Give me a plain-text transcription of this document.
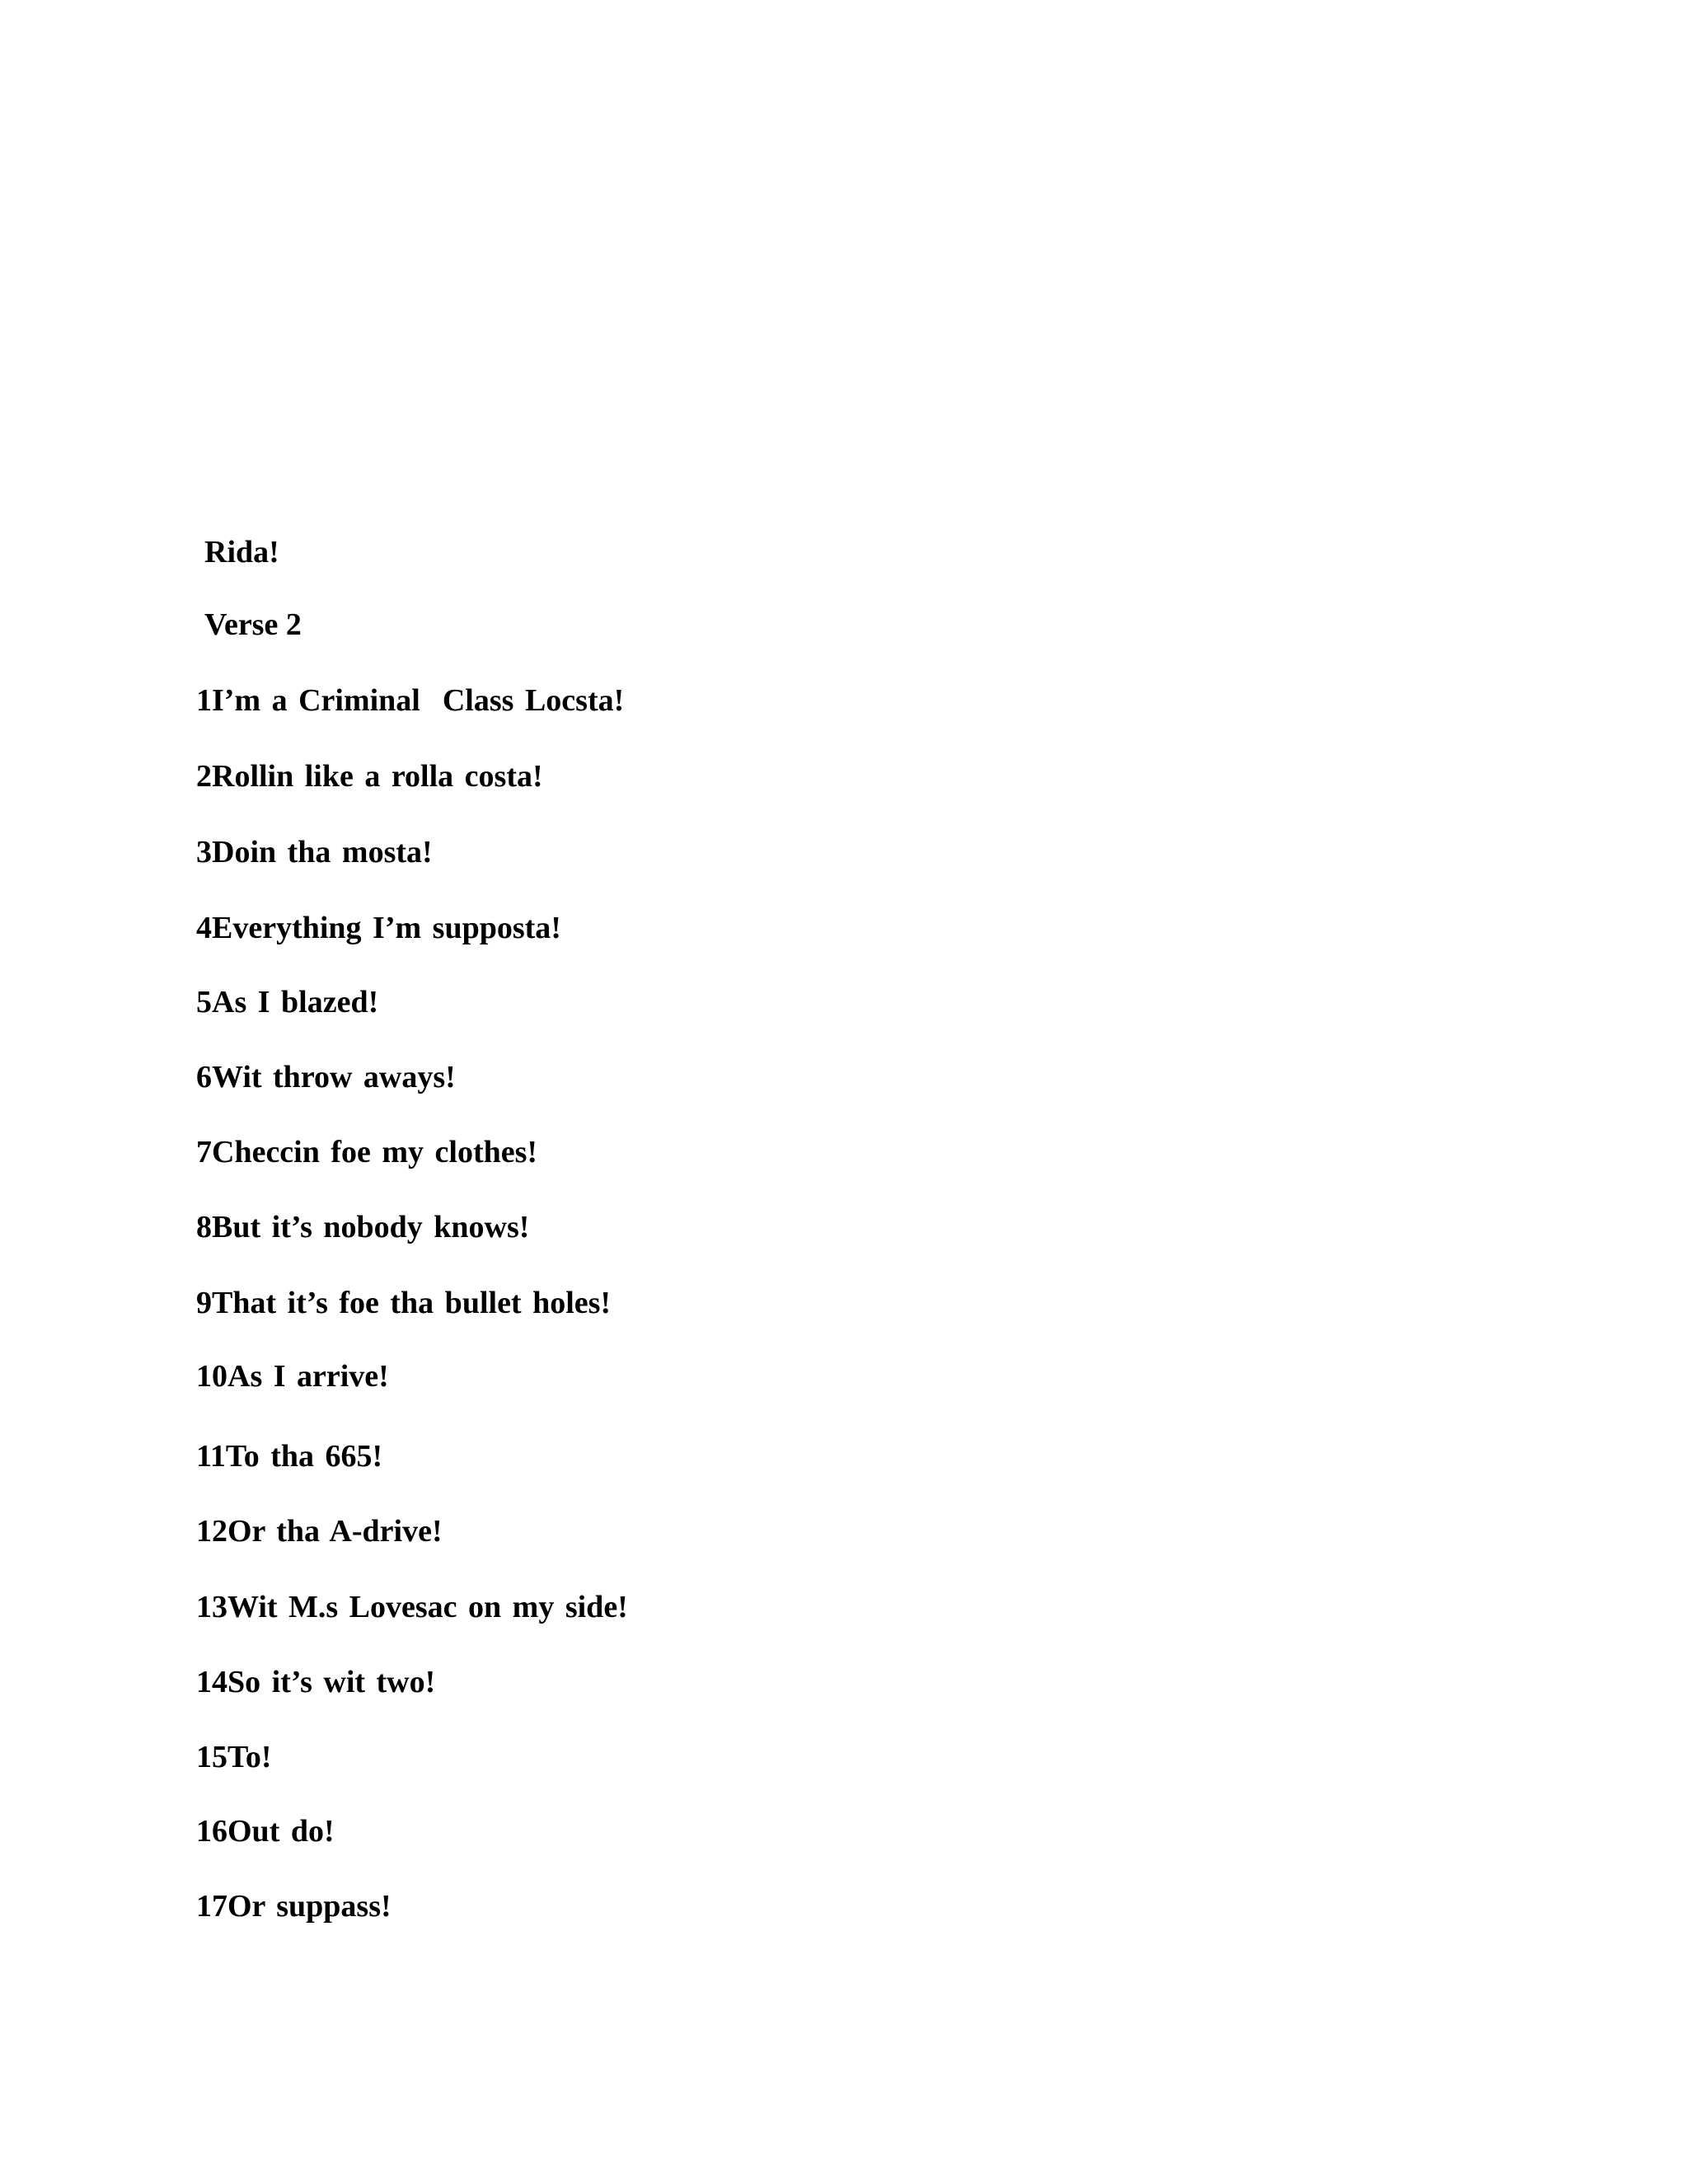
Rida!
Verse 2
1I’m a Criminal  Class Locsta!
2Rollin like a rolla costa!
3Doin tha mosta!
4Everything I’m supposta!
5As I blazed!
6Wit throw aways!
7Checcin foe my clothes!
8But it’s nobody knows!
9That it’s foe tha bullet holes!
10As I arrive!
11To tha 665!
12Or tha A-drive!
13Wit M.s Lovesac on my side!
14So it’s wit two!
15To!
16Out do!
17Or suppass!
